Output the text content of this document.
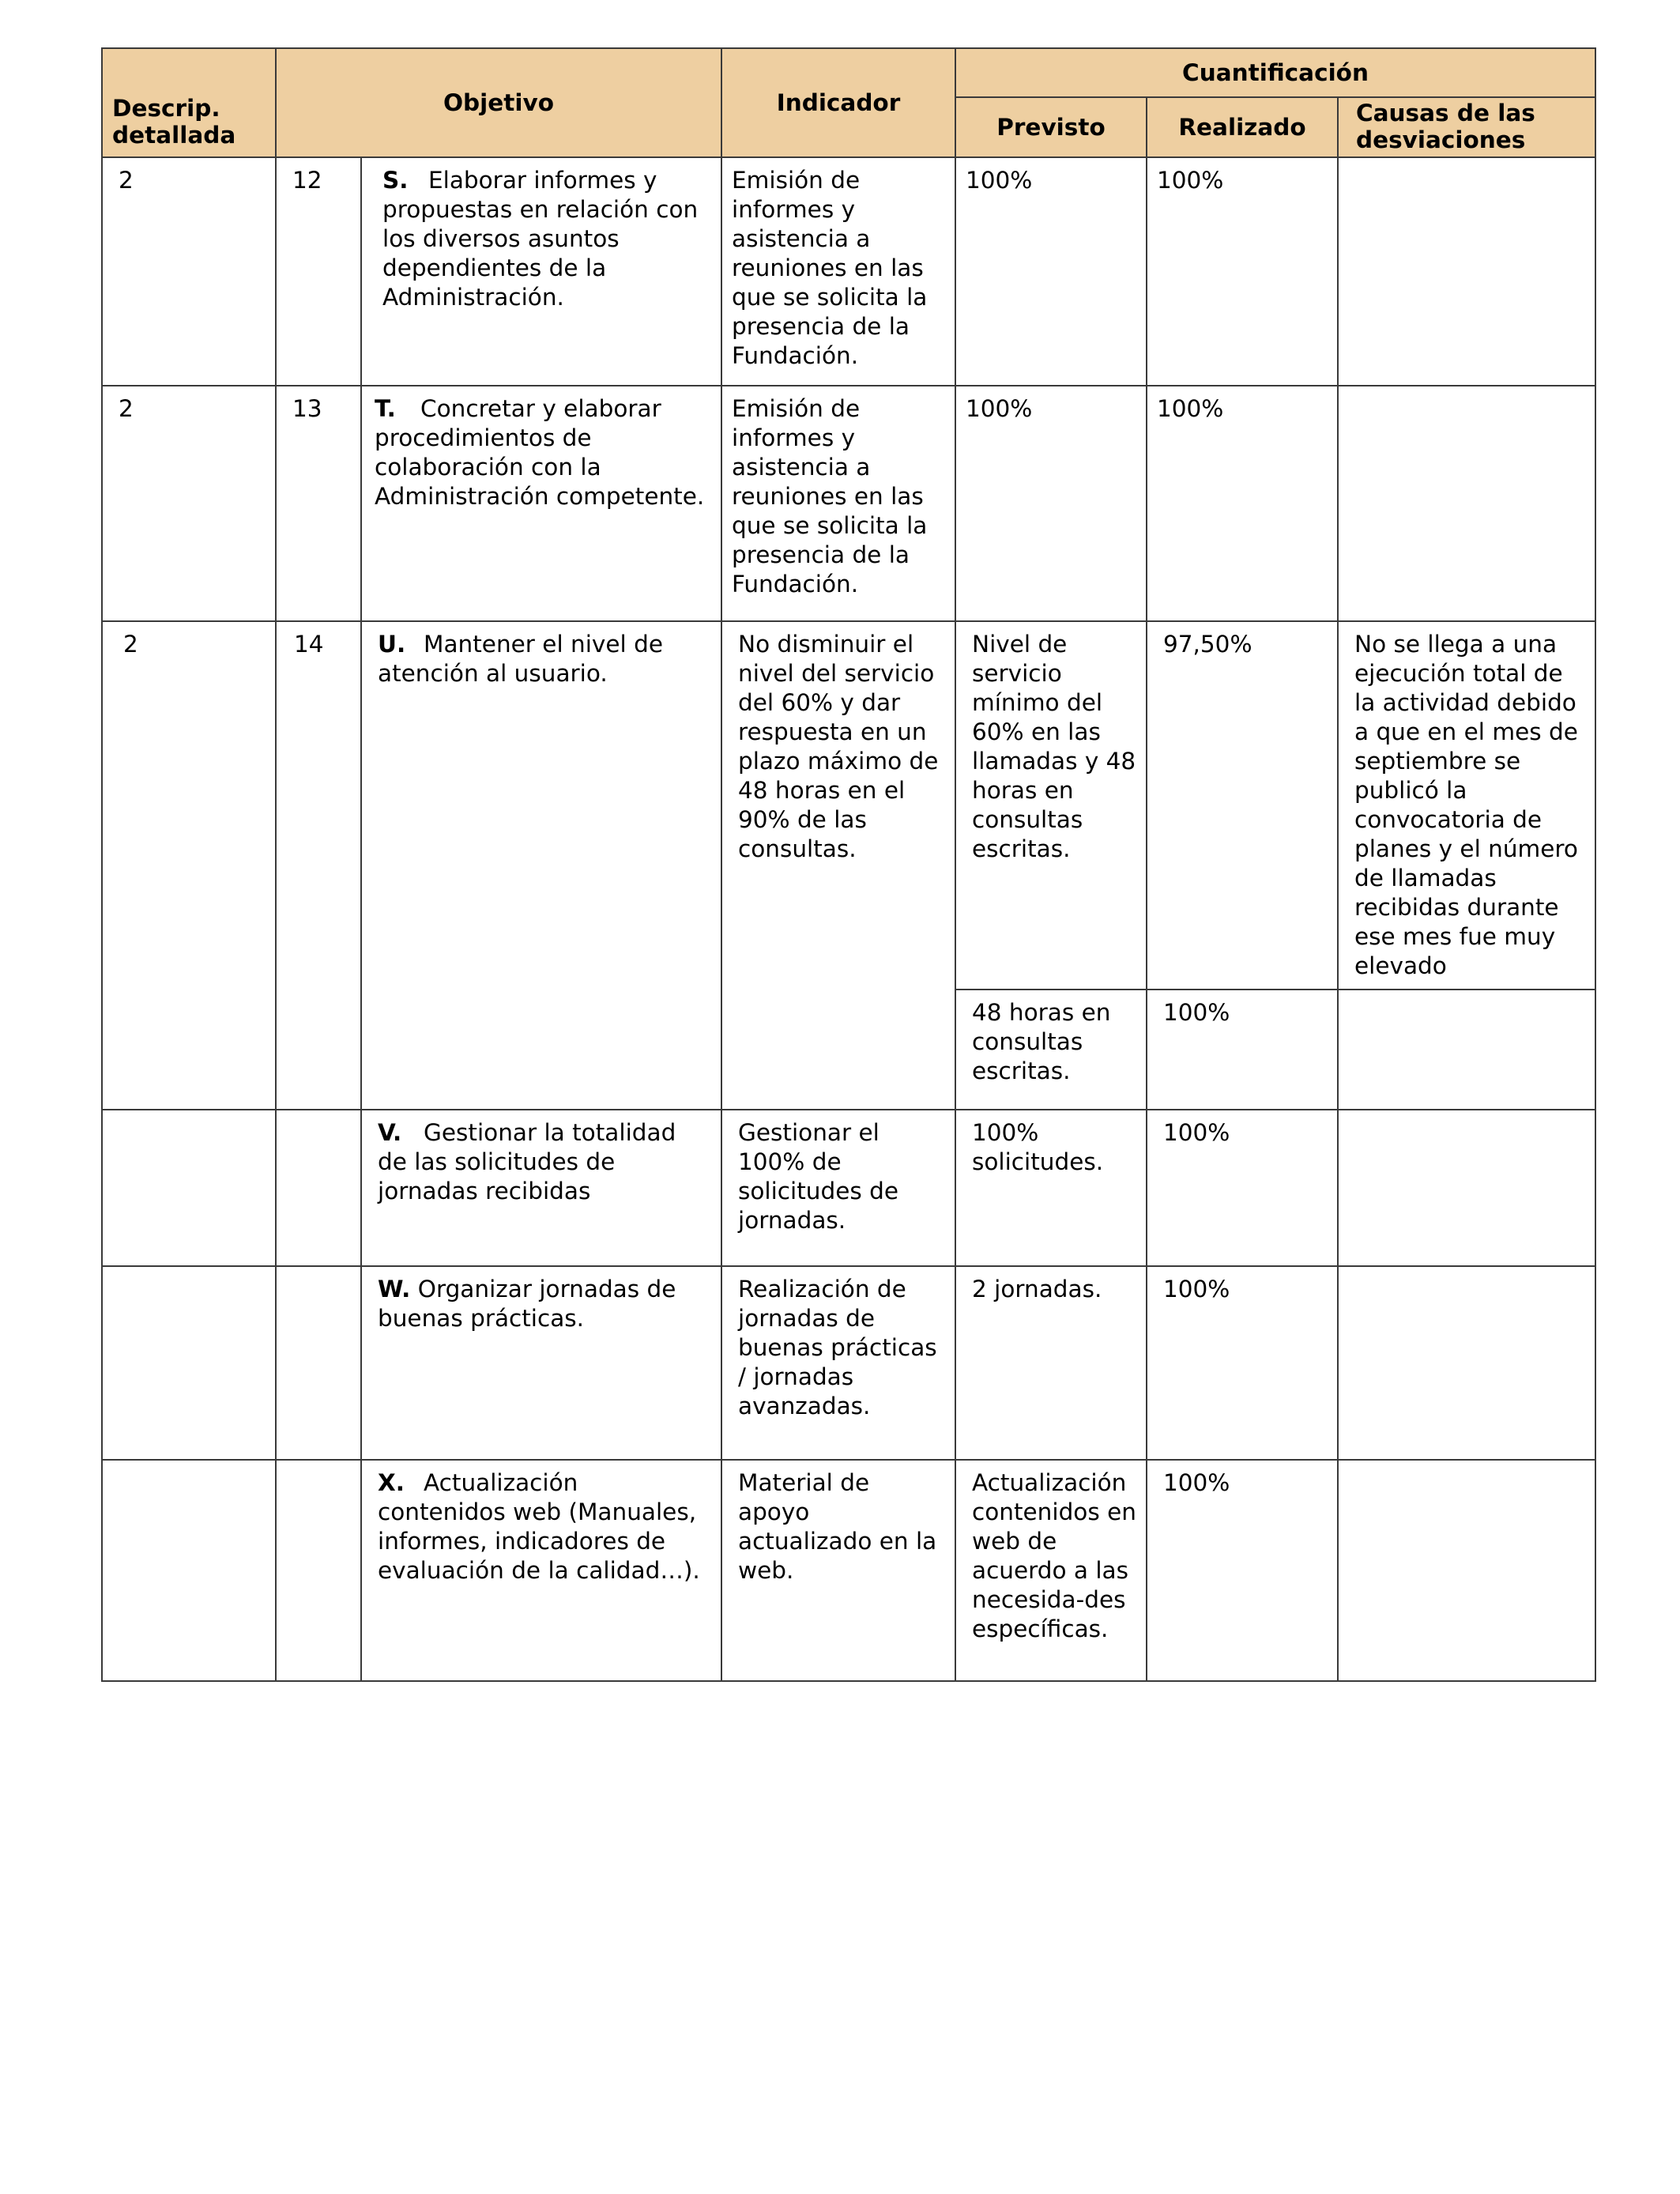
Descrip. detallada	Objetivo		Indicador	Cuantificación		
				Previsto	Realizado	Causas de las desviaciones
2	12	S. Elaborar informes y propuestas en relación con los diversos asuntos dependientes de la Administración.	Emisión de informes y asistencia a reuniones en las que se solicita la presencia de la Fundación.	100%	100%	
2	13	T. Concretar y elaborar procedimientos de colaboración con la Administración competente.	Emisión de informes y asistencia a reuniones en las que se solicita la presencia de la Fundación.	100%	100%	
2	14	U. Mantener el nivel de atención al usuario.	No disminuir el nivel del servicio del 60% y dar respuesta en un plazo máximo de 48 horas en el 90% de las consultas.	Nivel de servicio mínimo del 60% en las llamadas y 48 horas en consultas escritas.	97,50%	No se llega a una ejecución total de la actividad debido a que en el mes de septiembre se publicó la convocatoria de planes y el número de llamadas recibidas durante ese mes fue muy elevado
				48 horas en consultas escritas.	100%	
		V. Gestionar la totalidad de las solicitudes de jornadas recibidas	Gestionar el 100% de solicitudes de jornadas.	100% solicitudes.	100%	
		W. Organizar jornadas de buenas prácticas.	Realización de jornadas de buenas prácticas / jornadas avanzadas.	2 jornadas.	100%	
		X. Actualización contenidos web (Manuales, informes, indicadores de evaluación de la calidad…).	Material de apoyo actualizado en la web.	Actualización contenidos en web de acuerdo a las necesida-des específicas.	100%	
